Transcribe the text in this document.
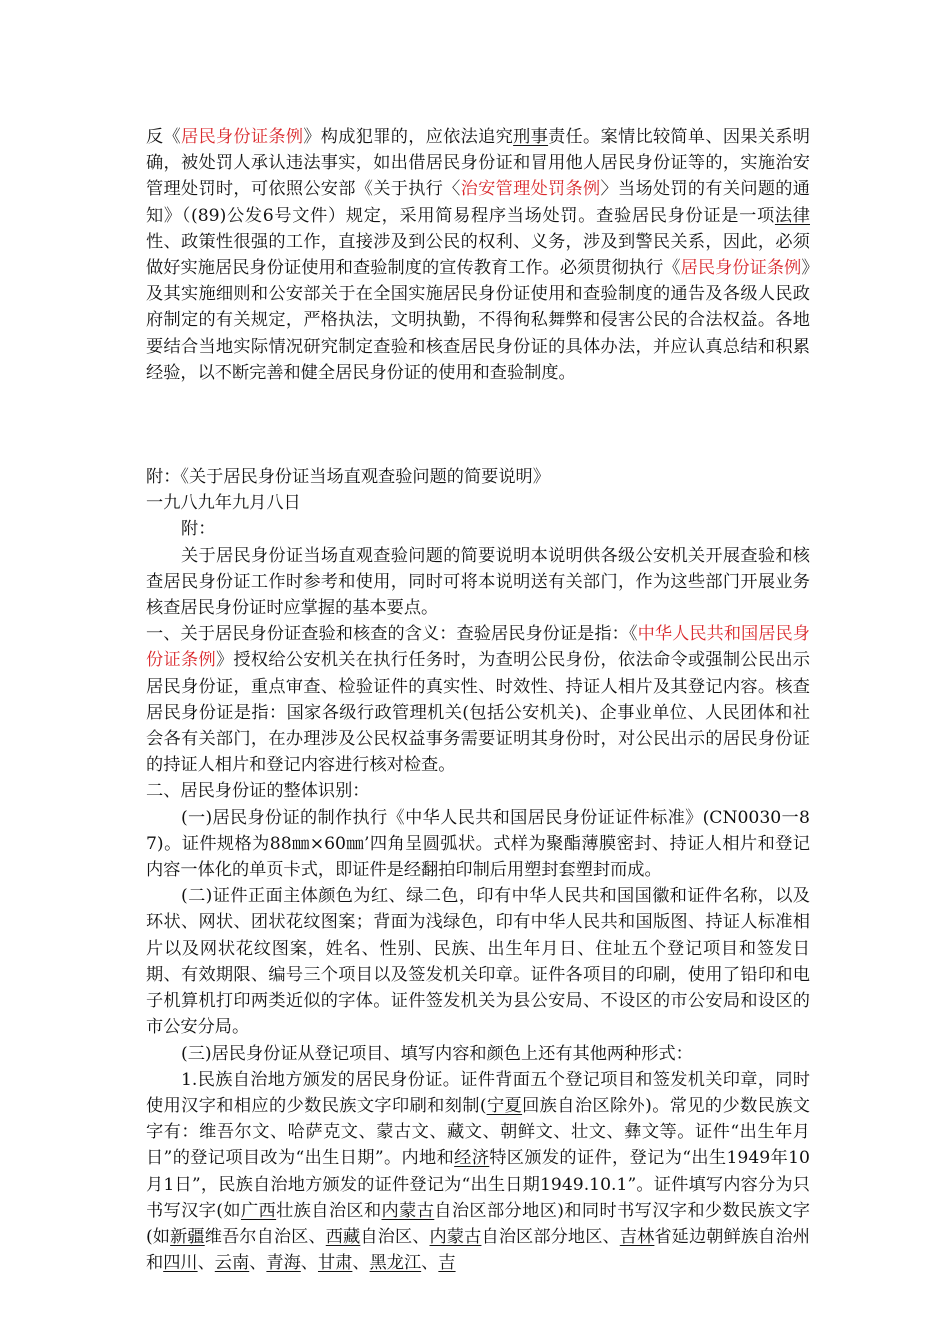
反《居民身份证条例》构成犯罪的，应依法追究刑事责任。案情比较简单、因果关系明确，被处罚人承认违法事实，如出借居民身份证和冒用他人居民身份证等的，实施治安管理处罚时，可依照公安部《关于执行〈治安管理处罚条例〉当场处罚的有关问题的通知》（(89)公发6号文件）规定，采用简易程序当场处罚。查验居民身份证是一项法律性、政策性很强的工作，直接涉及到公民的权利、义务，涉及到警民关系，因此，必须做好实施居民身份证使用和查验制度的宣传教育工作。必须贯彻执行《居民身份证条例》及其实施细则和公安部关于在全国实施居民身份证使用和查验制度的通告及各级人民政府制定的有关规定，严格执法，文明执勤，不得徇私舞弊和侵害公民的合法权益。各地要结合当地实际情况研究制定查验和核查居民身份证的具体办法，并应认真总结和积累经验，以不断完善和健全居民身份证的使用和查验制度。

附：《关于居民身份证当场直观查验问题的简要说明》

一九八九年九月八日

附：

关于居民身份证当场直观查验问题的简要说明本说明供各级公安机关开展查验和核查居民身份证工作时参考和使用，同时可将本说明送有关部门，作为这些部门开展业务核查居民身份证时应掌握的基本要点。

一、关于居民身份证查验和核查的含义：查验居民身份证是指：《中华人民共和国居民身份证条例》授权给公安机关在执行任务时，为查明公民身份，依法命令或强制公民出示居民身份证，重点审查、检验证件的真实性、时效性、持证人相片及其登记内容。核查居民身份证是指：国家各级行政管理机关(包括公安机关)、企事业单位、人民团体和社会各有关部门，在办理涉及公民权益事务需要证明其身份时，对公民出示的居民身份证的持证人相片和登记内容进行核对检查。

二、居民身份证的整体识别：

(一)居民身份证的制作执行《中华人民共和国居民身份证证件标准》(CN0030一87)。证件规格为88㎜×60㎜’四角呈圆弧状。式样为聚酯薄膜密封、持证人相片和登记内容一体化的单页卡式，即证件是经翻拍印制后用塑封套塑封而成。

(二)证件正面主体颜色为红、绿二色，印有中华人民共和国国徽和证件名称，以及环状、网状、团状花纹图案；背面为浅绿色，印有中华人民共和国版图、持证人标准相片以及网状花纹图案，姓名、性别、民族、出生年月日、住址五个登记项目和签发日期、有效期限、编号三个项目以及签发机关印章。证件各项目的印刷，使用了铅印和电子机算机打印两类近似的字体。证件签发机关为县公安局、不设区的市公安局和设区的市公安分局。

(三)居民身份证从登记项目、填写内容和颜色上还有其他两种形式：

1.民族自治地方颁发的居民身份证。证件背面五个登记项目和签发机关印章，同时使用汉字和相应的少数民族文字印刷和刻制(宁夏回族自治区除外)。常见的少数民族文字有：维吾尔文、哈萨克文、蒙古文、藏文、朝鲜文、壮文、彝文等。证件“出生年月日”的登记项目改为“出生日期”。内地和经济特区颁发的证件，登记为“出生1949年10月1日”，民族自治地方颁发的证件登记为“出生日期1949.10.1”。证件填写内容分为只书写汉字(如广西壮族自治区和内蒙古自治区部分地区)和同时书写汉字和少数民族文字(如新疆维吾尔自治区、西藏自治区、内蒙古自治区部分地区、吉林省延边朝鲜族自治州和四川、云南、青海、甘肃、黑龙江、吉
